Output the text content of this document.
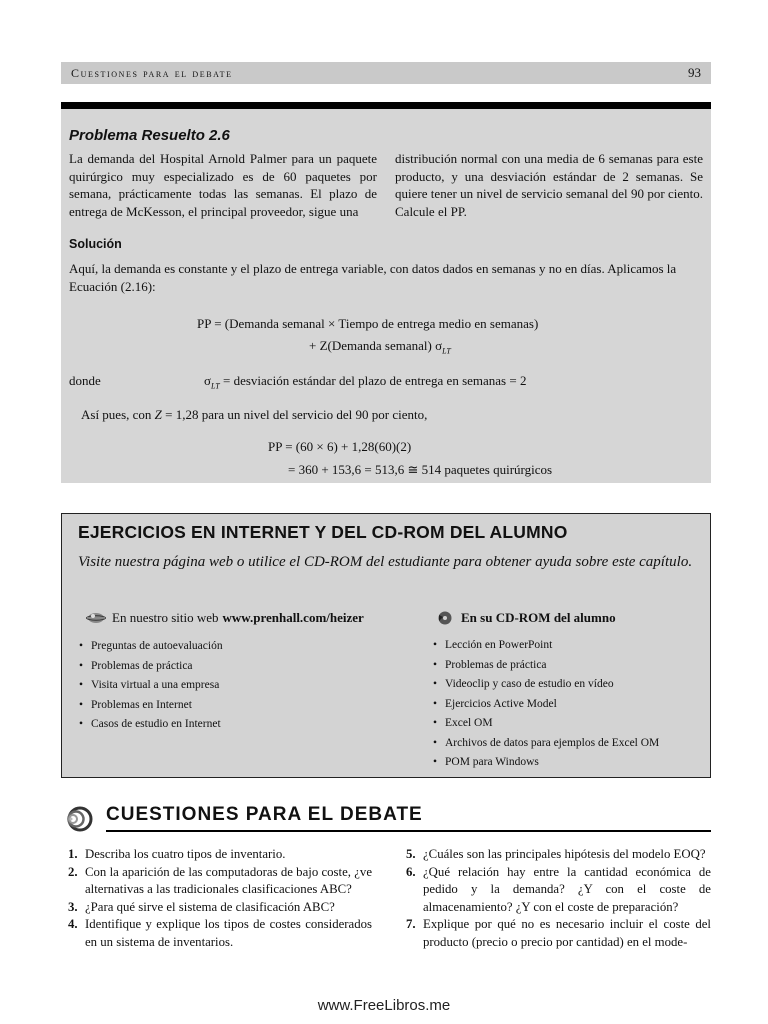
Cuestiones para el debate	93
Problema Resuelto 2.6

La demanda del Hospital Arnold Palmer para un paquete quirúrgico muy especializado es de 60 paquetes por semana, prácticamente todas las semanas. El plazo de entrega de McKesson, el principal proveedor, sigue una

distribución normal con una media de 6 semanas para este producto, y una desviación estándar de 2 semanas. Se quiere tener un nivel de servicio semanal del 90 por ciento. Calcule el PP.

Solución

Aquí, la demanda es constante y el plazo de entrega variable, con datos dados en semanas y no en días. Aplicamos la Ecuación (2.16):

PP = (Demanda semanal × Tiempo de entrega medio en semanas)
+ Z(Demanda semanal) $\sigma_{LT}$
donde	$\sigma_{LT}$ = desviación estándar del plazo de entrega en semanas = 2
Así pues, con Z = 1,28 para un nivel del servicio del 90 por ciento,
PP = (60 × 6) + 1,28(60)(2)
= 360 + 153,6 = 513,6 ≅ 514 paquetes quirúrgicos
EJERCICIOS EN INTERNET Y DEL CD-ROM DEL ALUMNO

Visite nuestra página web o utilice el CD-ROM del estudiante para obtener ayuda sobre este capítulo.

En nuestro sitio web www.prenhall.com/heizer
• Preguntas de autoevaluación
• Problemas de práctica
• Visita virtual a una empresa
• Problemas en Internet
• Casos de estudio en Internet
En su CD-ROM del alumno
• Lección en PowerPoint
• Problemas de práctica
• Videoclip y caso de estudio en vídeo
• Ejercicios Active Model
• Excel OM
• Archivos de datos para ejemplos de Excel OM
• POM para Windows
CUESTIONES PARA EL DEBATE
1. Describa los cuatro tipos de inventario.
2. Con la aparición de las computadoras de bajo coste, ¿ve alternativas a las tradicionales clasificaciones ABC?
3. ¿Para qué sirve el sistema de clasificación ABC?
4. Identifique y explique los tipos de costes considerados en un sistema de inventarios.
5. ¿Cuáles son las principales hipótesis del modelo EOQ?
6. ¿Qué relación hay entre la cantidad económica de pedido y la demanda? ¿Y con el coste de almacenamiento? ¿Y con el coste de preparación?
7. Explique por qué no es necesario incluir el coste del producto (precio o precio por cantidad) en el mode-
www.FreeLibros.me
